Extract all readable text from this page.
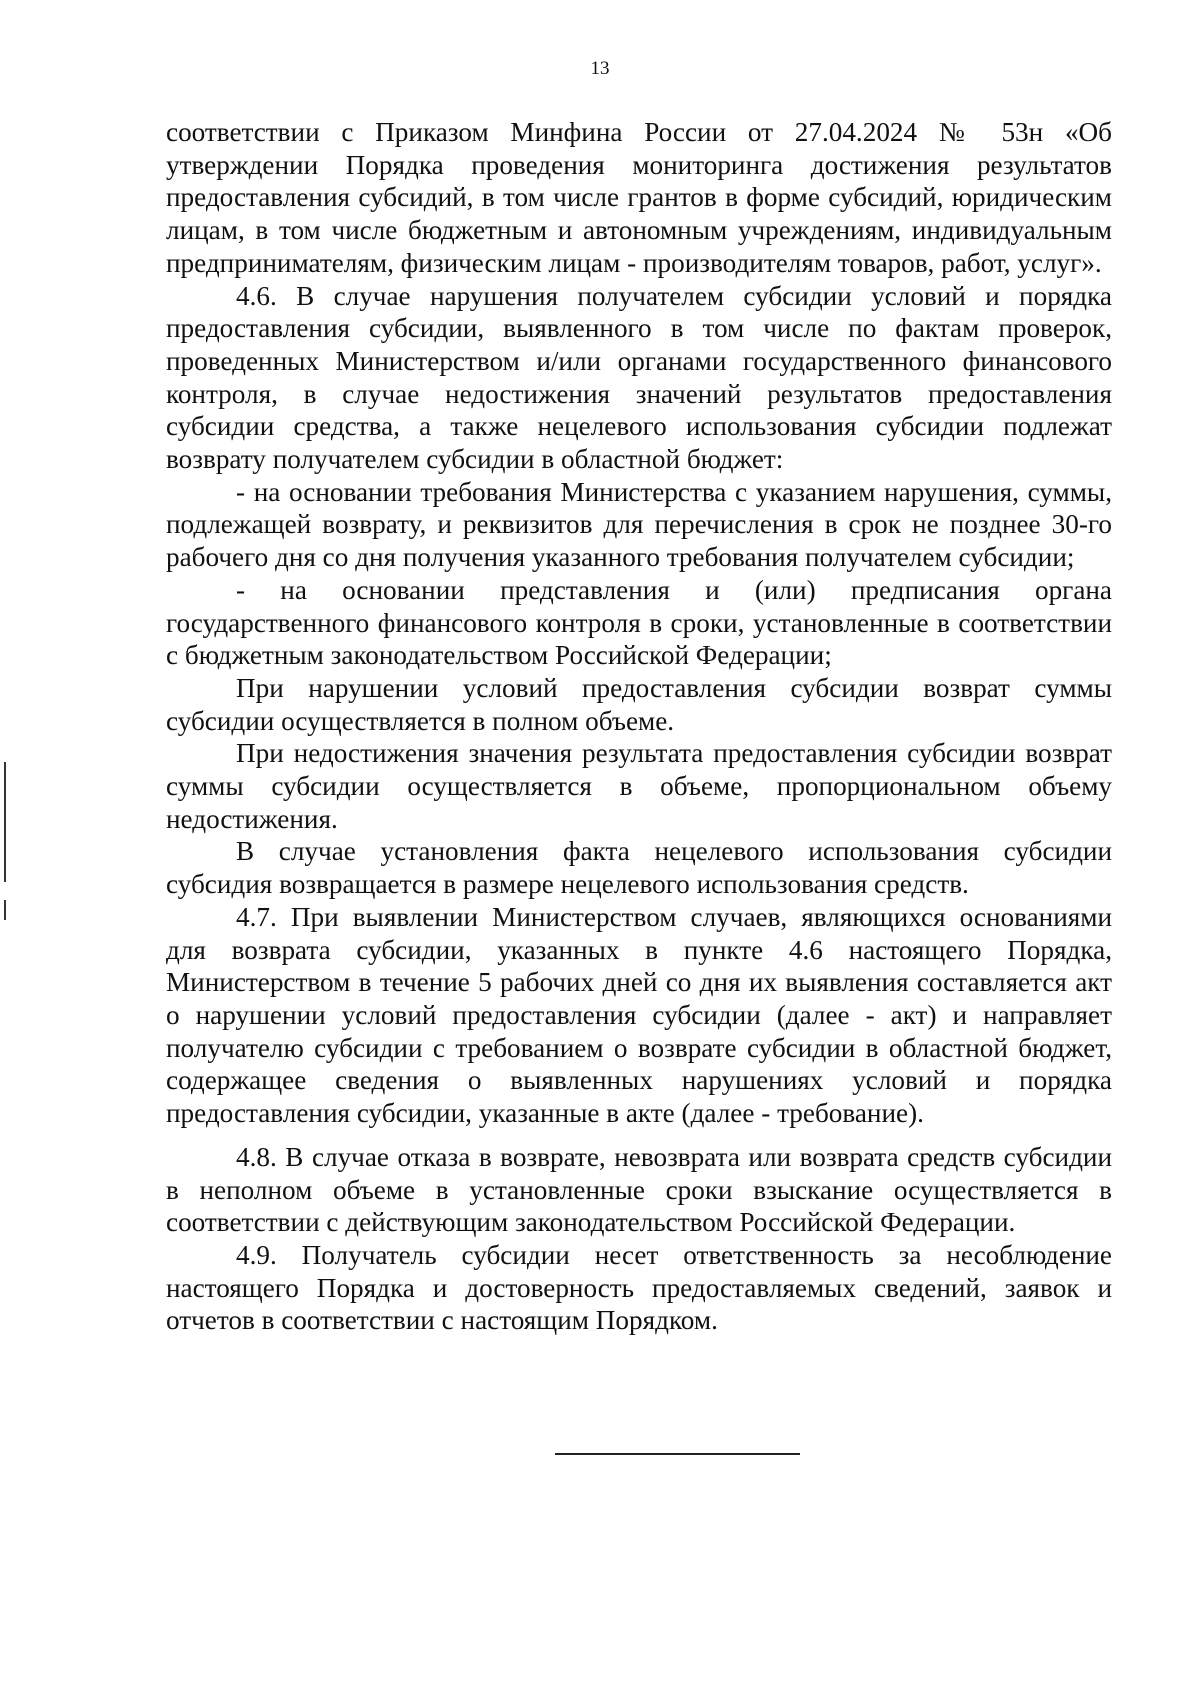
13

соответствии с Приказом Минфина России от 27.04.2024 № 53н «Об утверждении Порядка проведения мониторинга достижения результатов предоставления субсидий, в том числе грантов в форме субсидий, юридическим лицам, в том числе бюджетным и автономным учреждениям, индивидуальным предпринимателям, физическим лицам - производителям товаров, работ, услуг».

4.6. В случае нарушения получателем субсидии условий и порядка предоставления субсидии, выявленного в том числе по фактам проверок, проведенных Министерством и/или органами государственного финансового контроля, в случае недостижения значений результатов предоставления субсидии средства, а также нецелевого использования субсидии подлежат возврату получателем субсидии в областной бюджет:

- на основании требования Министерства с указанием нарушения, суммы, подлежащей возврату, и реквизитов для перечисления в срок не позднее 30-го рабочего дня со дня получения указанного требования получателем субсидии;

- на основании представления и (или) предписания органа государственного финансового контроля в сроки, установленные в соответствии с бюджетным законодательством Российской Федерации;

При нарушении условий предоставления субсидии возврат суммы субсидии осуществляется в полном объеме.

При недостижения значения результата предоставления субсидии возврат суммы субсидии осуществляется в объеме, пропорциональном объему недостижения.

В случае установления факта нецелевого использования субсидии субсидия возвращается в размере нецелевого использования средств.

4.7. При выявлении Министерством случаев, являющихся основаниями для возврата субсидии, указанных в пункте 4.6 настоящего Порядка, Министерством в течение 5 рабочих дней со дня их выявления составляется акт о нарушении условий предоставления субсидии (далее - акт) и направляет получателю субсидии с требованием о возврате субсидии в областной бюджет, содержащее сведения о выявленных нарушениях условий и порядка предоставления субсидии, указанные в акте (далее - требование).

4.8. В случае отказа в возврате, невозврата или возврата средств субсидии в неполном объеме в установленные сроки взыскание осуществляется в соответствии с действующим законодательством Российской Федерации.

4.9. Получатель субсидии несет ответственность за несоблюдение настоящего Порядка и достоверность предоставляемых сведений, заявок и отчетов в соответствии с настоящим Порядком.
